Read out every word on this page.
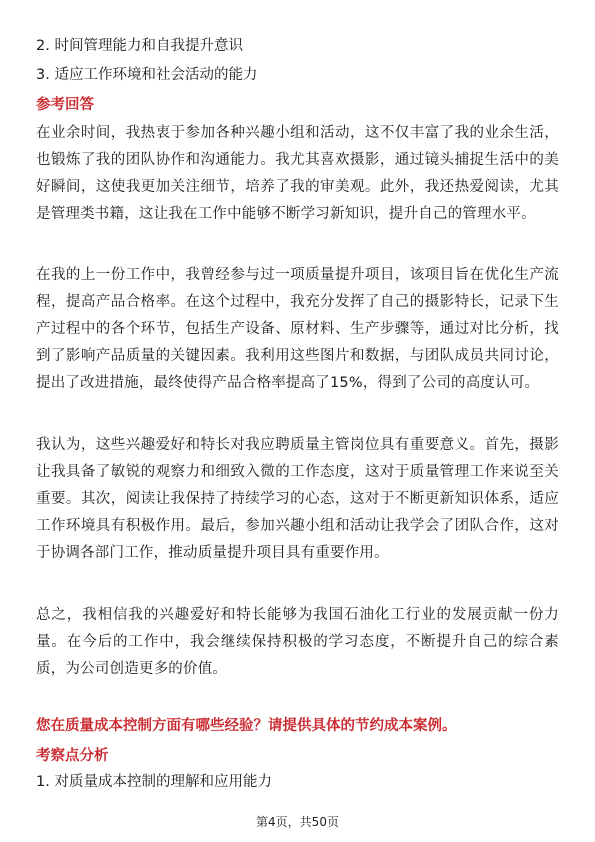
2. 时间管理能力和自我提升意识
3. 适应工作环境和社会活动的能力
参考回答
在业余时间，我热衷于参加各种兴趣小组和活动，这不仅丰富了我的业余生活，也锻炼了我的团队协作和沟通能力。我尤其喜欢摄影，通过镜头捕捉生活中的美好瞬间，这使我更加关注细节，培养了我的审美观。此外，我还热爱阅读，尤其是管理类书籍，这让我在工作中能够不断学习新知识，提升自己的管理水平。
在我的上一份工作中，我曾经参与过一项质量提升项目，该项目旨在优化生产流程，提高产品合格率。在这个过程中，我充分发挥了自己的摄影特长，记录下生产过程中的各个环节，包括生产设备、原材料、生产步骤等，通过对比分析，找到了影响产品质量的关键因素。我利用这些图片和数据，与团队成员共同讨论，提出了改进措施，最终使得产品合格率提高了15%，得到了公司的高度认可。
我认为，这些兴趣爱好和特长对我应聘质量主管岗位具有重要意义。首先，摄影让我具备了敏锐的观察力和细致入微的工作态度，这对于质量管理工作来说至关重要。其次，阅读让我保持了持续学习的心态，这对于不断更新知识体系，适应工作环境具有积极作用。最后，参加兴趣小组和活动让我学会了团队合作，这对于协调各部门工作，推动质量提升项目具有重要作用。
总之，我相信我的兴趣爱好和特长能够为我国石油化工行业的发展贡献一份力量。在今后的工作中，我会继续保持积极的学习态度，不断提升自己的综合素质，为公司创造更多的价值。
您在质量成本控制方面有哪些经验？请提供具体的节约成本案例。
考察点分析
1. 对质量成本控制的理解和应用能力
第4页，共50页
